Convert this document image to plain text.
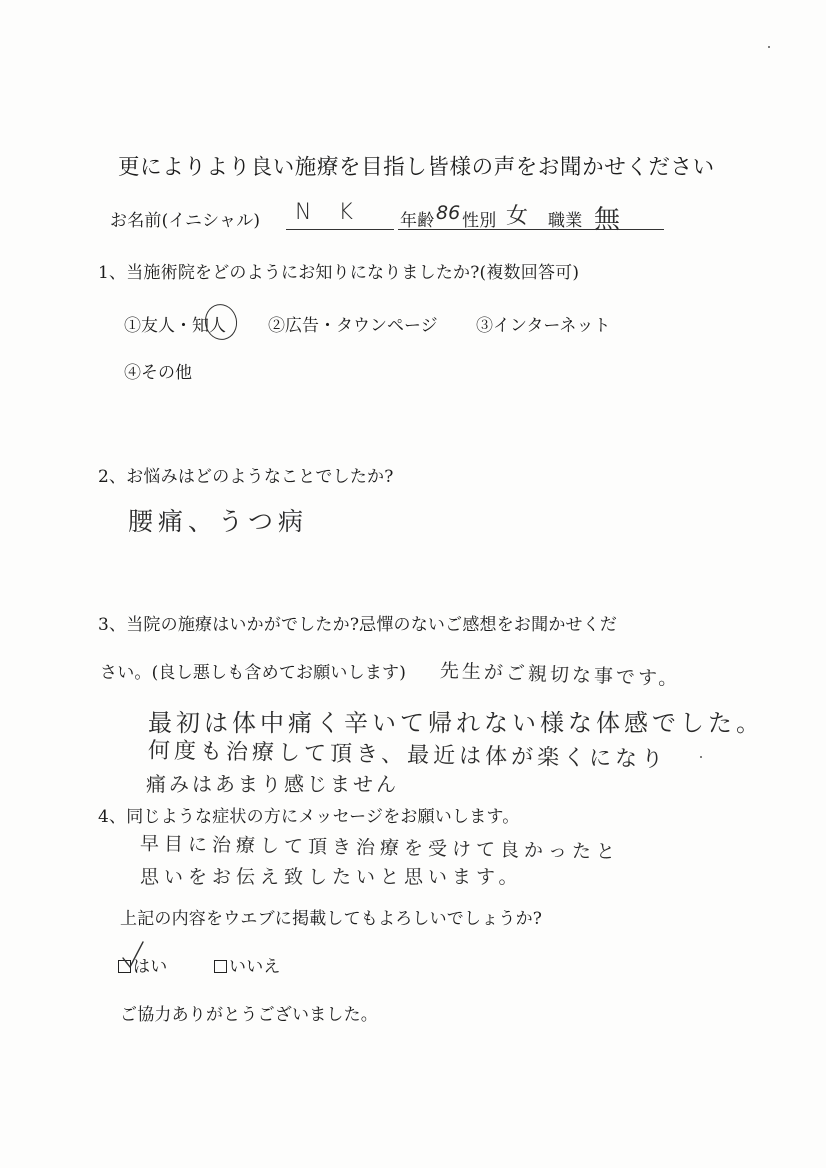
更によりより良い施療を目指し皆様の声をお聞かせください
お名前(イニシャル) N K 年齢 86 性別 女 職業 無
1、当施術院をどのようにお知りになりましたか?(複数回答可)
①友人・知人 ②広告・タウンページ ③インターネット
④その他
2、お悩みはどのようなことでしたか?
腰痛、うつ病
3、当院の施療はいかがでしたか?忌憚のないご感想をお聞かせくだ
さい。(良し悪しも含めてお願いします) 先生がご親切な事です。
最初は体中痛く辛いて帰れない様な体感でした。
何度も治療して頂き、最近は体が楽くになり
痛みはあまり感じません
4、同じような症状の方にメッセージをお願いします。
早目に治療して頂き治療を受けて良かったと
思いをお伝え致したいと思います。
上記の内容をウエブに掲載してもよろしいでしょうか?
はい	いいえ
ご協力ありがとうございました。
